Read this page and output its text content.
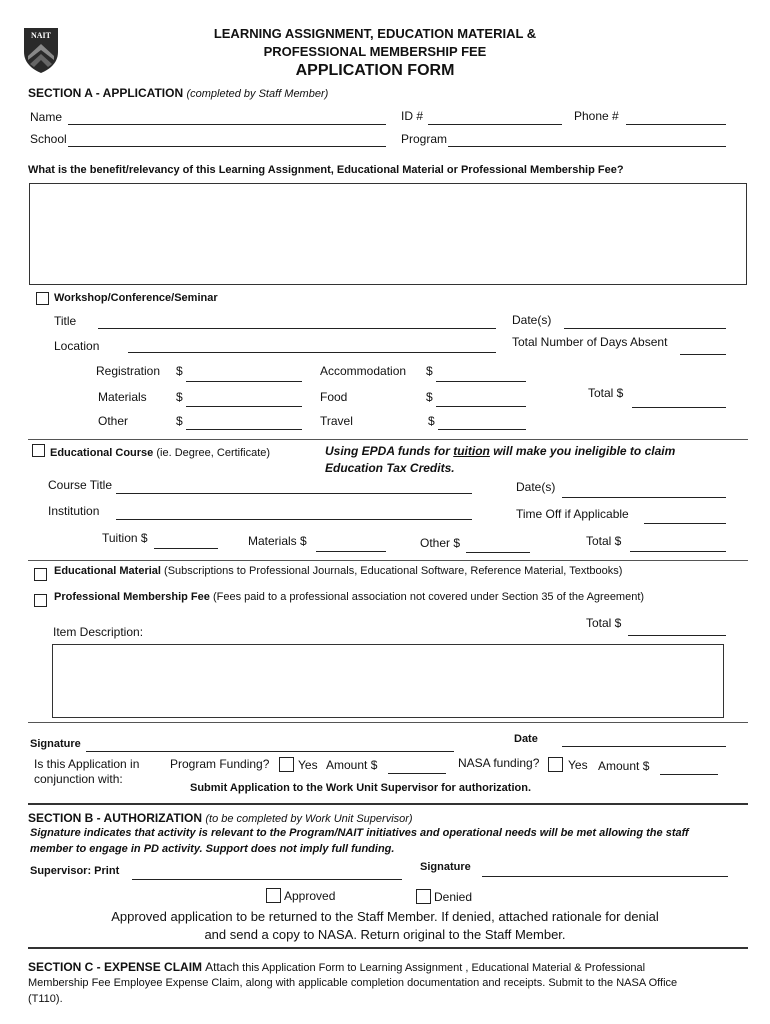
NAIT	LEARNING ASSIGNMENT, EDUCATION MATERIAL &
PROFESSIONAL MEMBERSHIP FEE
APPLICATION FORM
SECTION A - APPLICATION (completed by Staff Member)
Name	ID #	Phone #
School	Program
What is the benefit/relevancy of this Learning Assignment, Educational Material or Professional Membership Fee?
Workshop/Conference/Seminar
Title	Date(s)
Location	Total Number of Days Absent
Registration $	Accommodation $
Materials $	Food	$	Total $
Other	$	Travel	$
Educational Course (ie. Degree, Certificate)	Using EPDA funds for tuition will make you ineligible to claim
Education Tax Credits.
Course Title	Date(s)
Institution	Time Off if Applicable
Tuition $	Materials $	Other $	Total $
Educational Material (Subscriptions to Professional Journals, Educational Software, Reference Material, Textbooks)
Professional Membership Fee (Fees paid to a professional association not covered under Section 35 of the Agreement)
Total $
Item Description:
Signature	Date
Is this Application in
conjunction with:
Program Funding? Yes Amount $	NASA funding? Yes Amount $
Submit Application to the Work Unit Supervisor for authorization.
SECTION B - AUTHORIZATION (to be completed by Work Unit Supervisor)
Signature indicates that activity is relevant to the Program/NAIT initiatives and operational needs will be met allowing the staff
member to engage in PD activity. Support does not imply full funding.
Supervisor: Print	Signature
Approved	Denied
Approved application to be returned to the Staff Member. If denied, attached rationale for denial
and send a copy to NASA. Return original to the Staff Member.
SECTION C - EXPENSE CLAIM Attach this Application Form to Learning Assignment , Educational Material & Professional
Membership Fee Employee Expense Claim, along with applicable completion documentation and receipts. Submit to the NASA Office
(T110).
